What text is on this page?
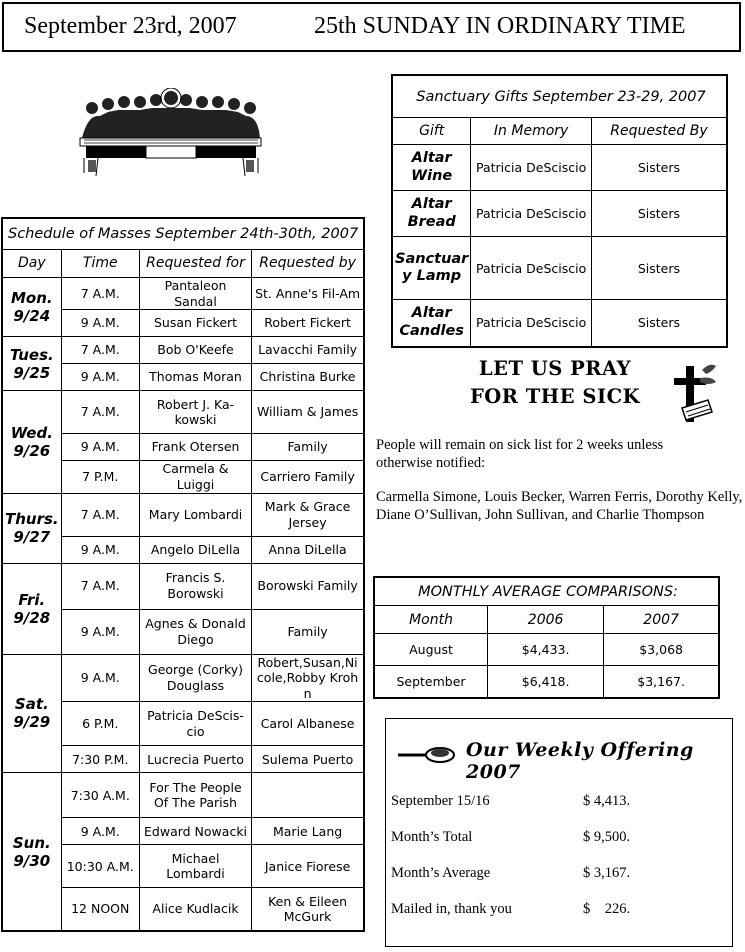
September 23rd, 2007	25th SUNDAY IN ORDINARY TIME
Schedule of Masses September 24th-30th, 2007			
Day	Time	Requested for	Requested by
Mon.
9/24	7 A.M.	Pantaleon Sandal	St. Anne's Fil-Am
	9 A.M.	Susan Fickert	Robert Fickert
Tues.
9/25	7 A.M.	Bob O'Keefe	Lavacchi Family
	9 A.M.	Thomas Moran	Christina Burke
Wed.
9/26	7 A.M.	Robert J. Ka-kowski	William & James
	9 A.M.	Frank Otersen	Family
	7 P.M.	Carmela & Luiggi	Carriero Family
Thurs.
9/27	7 A.M.	Mary Lombardi	Mark & Grace Jersey
	9 A.M.	Angelo DiLella	Anna DiLella
Fri.
9/28	7 A.M.	Francis S. Borowski	Borowski Family
	9 A.M.	Agnes & Donald Diego	Family
Sat.
9/29	9 A.M.	George (Corky) Douglass	Robert,Susan,Nicole,Robby Krohn
	6 P.M.	Patricia DeScis-cio	Carol Albanese
	7:30 P.M.	Lucrecia Puerto	Sulema Puerto
Sun.
9/30	7:30 A.M.	For The People Of The Parish	
	9 A.M.	Edward Nowacki	Marie Lang
	10:30 A.M.	Michael Lombardi	Janice Fiorese
	12 NOON	Alice Kudlacik	Ken & Eileen McGurk
Sanctuary Gifts September 23-29, 2007		
Gift	In Memory	Requested By
Altar Wine	Patricia DeSciscio	Sisters
Altar Bread	Patricia DeSciscio	Sisters
Sanctuar y Lamp	Patricia DeSciscio	Sisters
Altar Candles	Patricia DeSciscio	Sisters
LET US PRAY
FOR THE SICK
People will remain on sick list for 2 weeks unless otherwise notified:
Carmella Simone, Louis Becker, Warren Ferris, Dorothy Kelly, Diane O’Sullivan, John Sullivan, and Charlie Thompson
MONTHLY AVERAGE COMPARISONS:		
Month	2006	2007
August	$4,433.	$3,068
September	$6,418.	$3,167.
Our Weekly Offering 2007
September 15/16	$ 4,413.
Month’s Total	$ 9,500.
Month’s Average	$ 3,167.
Mailed in, thank you	$    226.
